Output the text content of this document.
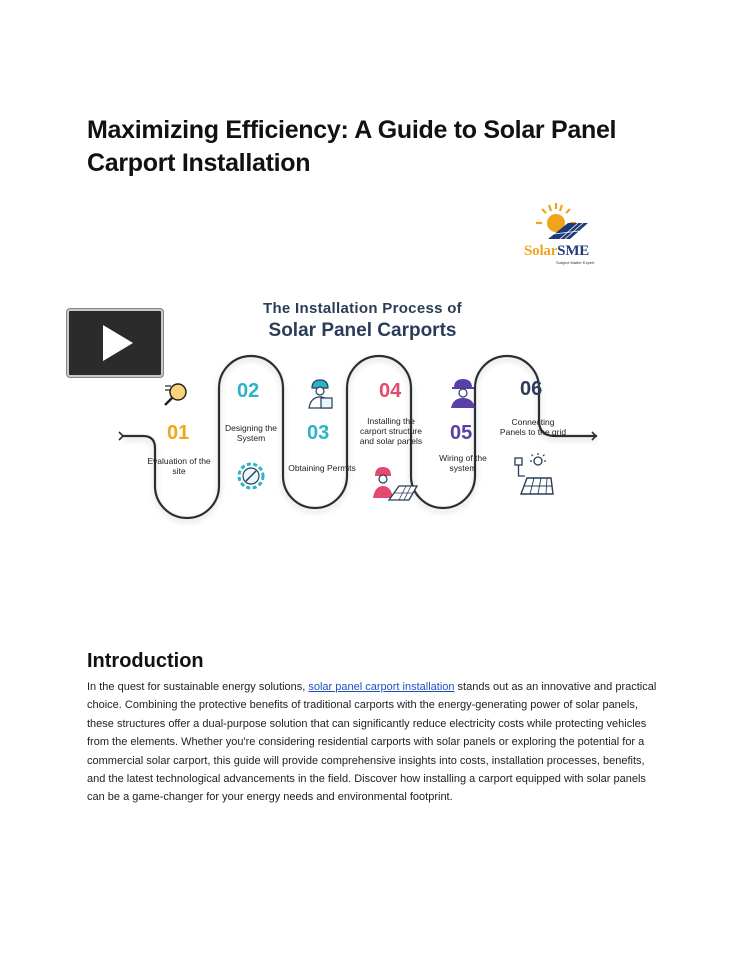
Maximizing Efficiency: A Guide to Solar Panel Carport Installation
SolarSME
Subject Matter Expert
The Installation Process of
Solar Panel Carports
01
Evaluation of the site
02
Designing the System	03
Obtaining Permits
04
Installing the carport structure and solar panels 05
Wiring of the system
06
Connecting Panels to the grid
Introduction

In the quest for sustainable energy solutions, solar panel carport installation stands out as an innovative and practical choice. Combining the protective benefits of traditional carports with the energy-generating power of solar panels, these structures offer a dual-purpose solution that can significantly reduce electricity costs while protecting vehicles from the elements. Whether you're considering residential carports with solar panels or exploring the potential for a commercial solar carport, this guide will provide comprehensive insights into costs, installation processes, benefits, and the latest technological advancements in the field. Discover how installing a carport equipped with solar panels can be a game-changer for your energy needs and environmental footprint.
